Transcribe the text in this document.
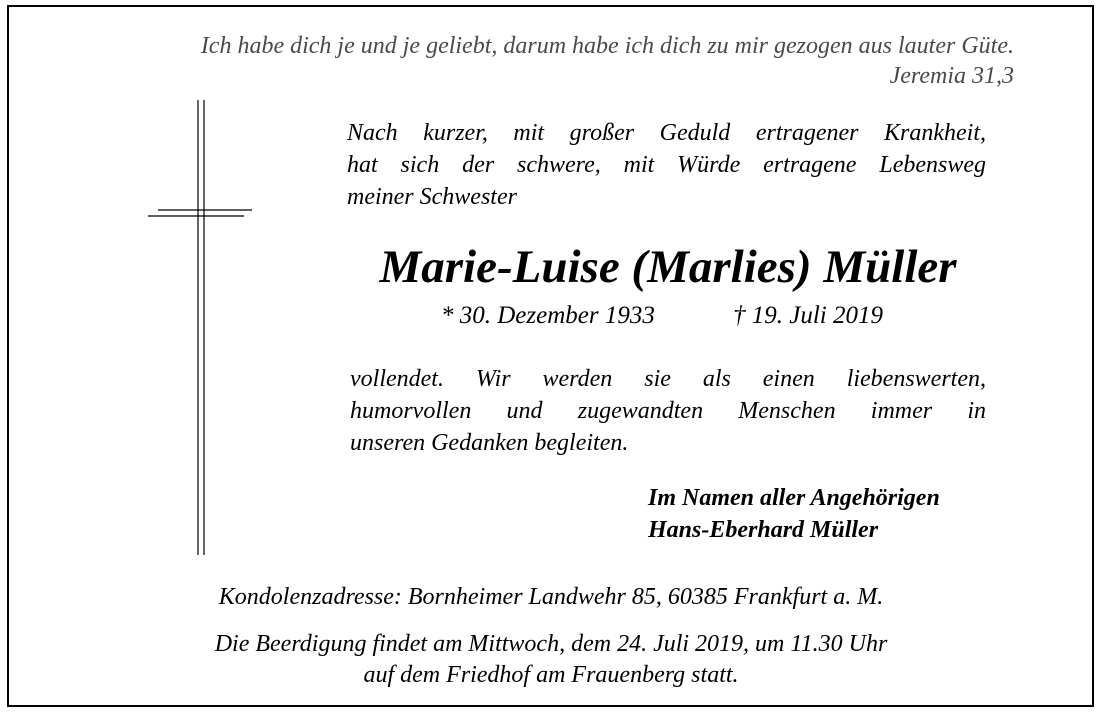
Ich habe dich je und je geliebt, darum habe ich dich zu mir gezogen aus lauter Güte.
Jeremia 31,3
Nach kurzer, mit großer Geduld ertragener Krankheit,
hat sich der schwere, mit Würde ertragene Lebensweg
meiner Schwester
Marie-Luise (Marlies) Müller
* 30. Dezember 1933	† 19. Juli 2019
vollendet. Wir werden sie als einen liebenswerten,
humorvollen und zugewandten Menschen immer in
unseren Gedanken begleiten.
Im Namen aller Angehörigen
Hans-Eberhard Müller
Kondolenzadresse: Bornheimer Landwehr 85, 60385 Frankfurt a. M.
Die Beerdigung findet am Mittwoch, dem 24. Juli 2019, um 11.30 Uhr
auf dem Friedhof am Frauenberg statt.
